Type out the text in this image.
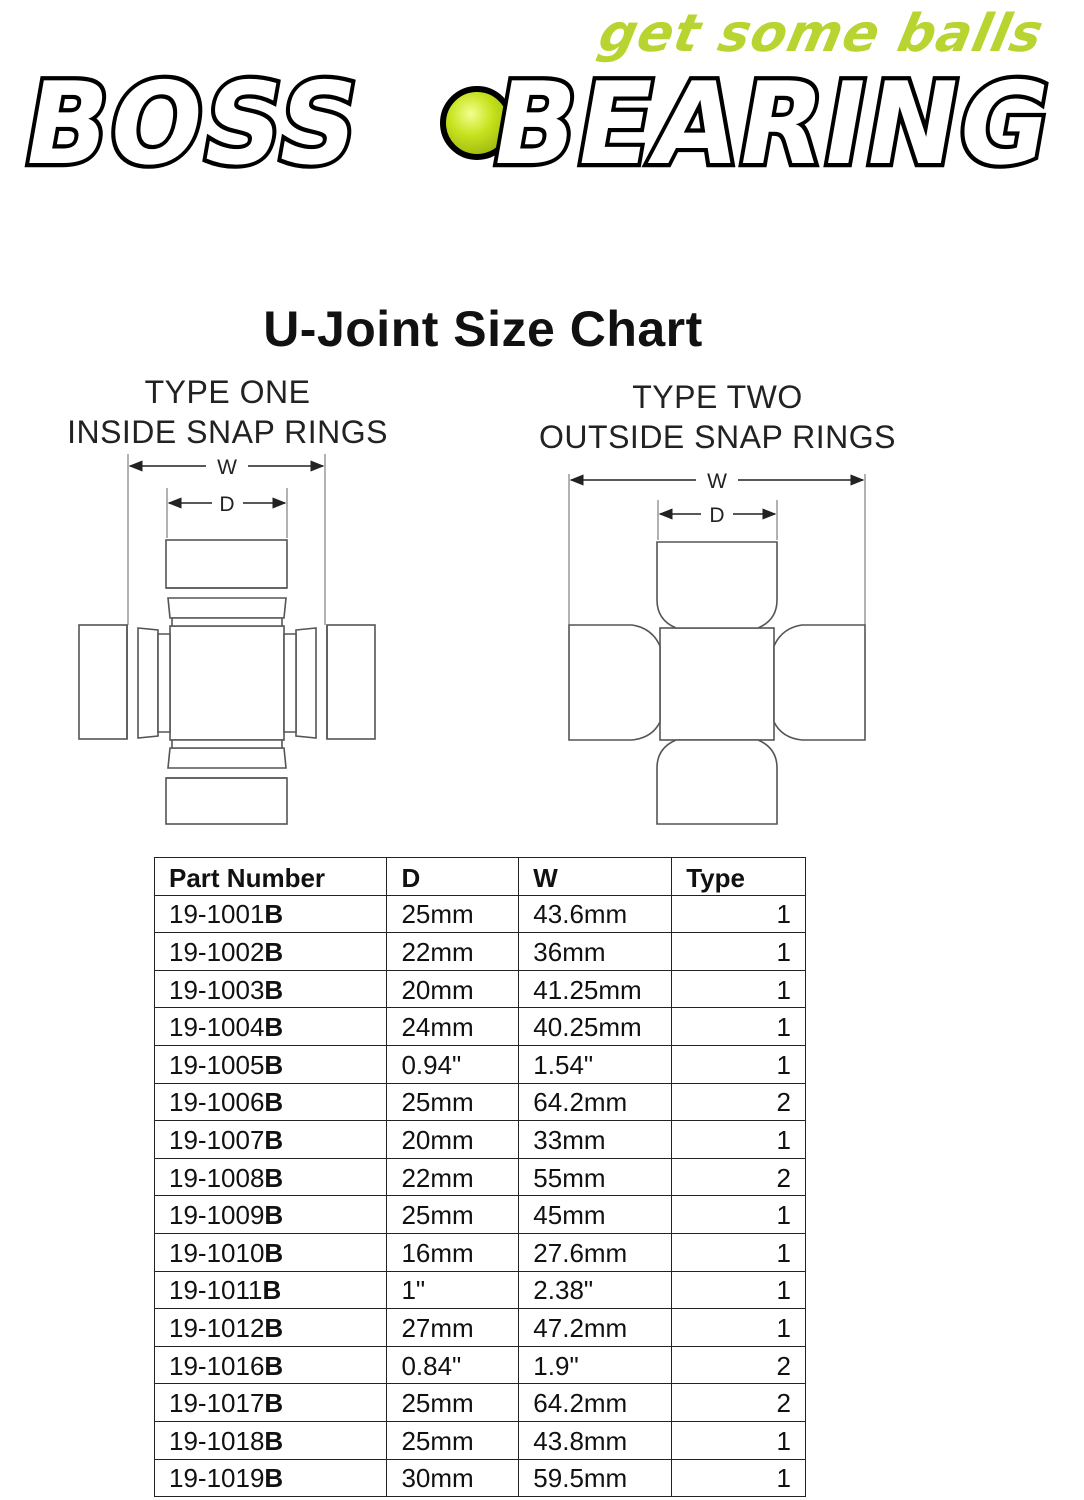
get some balls
BOSS BEARING
U-Joint Size Chart
TYPE ONE
INSIDE SNAP RINGS
TYPE TWO
OUTSIDE SNAP RINGS
W
D
W
D
Part Number	D	W	Type
19-1001B	25mm	43.6mm	1
19-1002B	22mm	36mm	1
19-1003B	20mm	41.25mm	1
19-1004B	24mm	40.25mm	1
19-1005B	0.94"	1.54"	1
19-1006B	25mm	64.2mm	2
19-1007B	20mm	33mm	1
19-1008B	22mm	55mm	2
19-1009B	25mm	45mm	1
19-1010B	16mm	27.6mm	1
19-1011B	1"	2.38"	1
19-1012B	27mm	47.2mm	1
19-1016B	0.84"	1.9"	2
19-1017B	25mm	64.2mm	2
19-1018B	25mm	43.8mm	1
19-1019B	30mm	59.5mm	1
